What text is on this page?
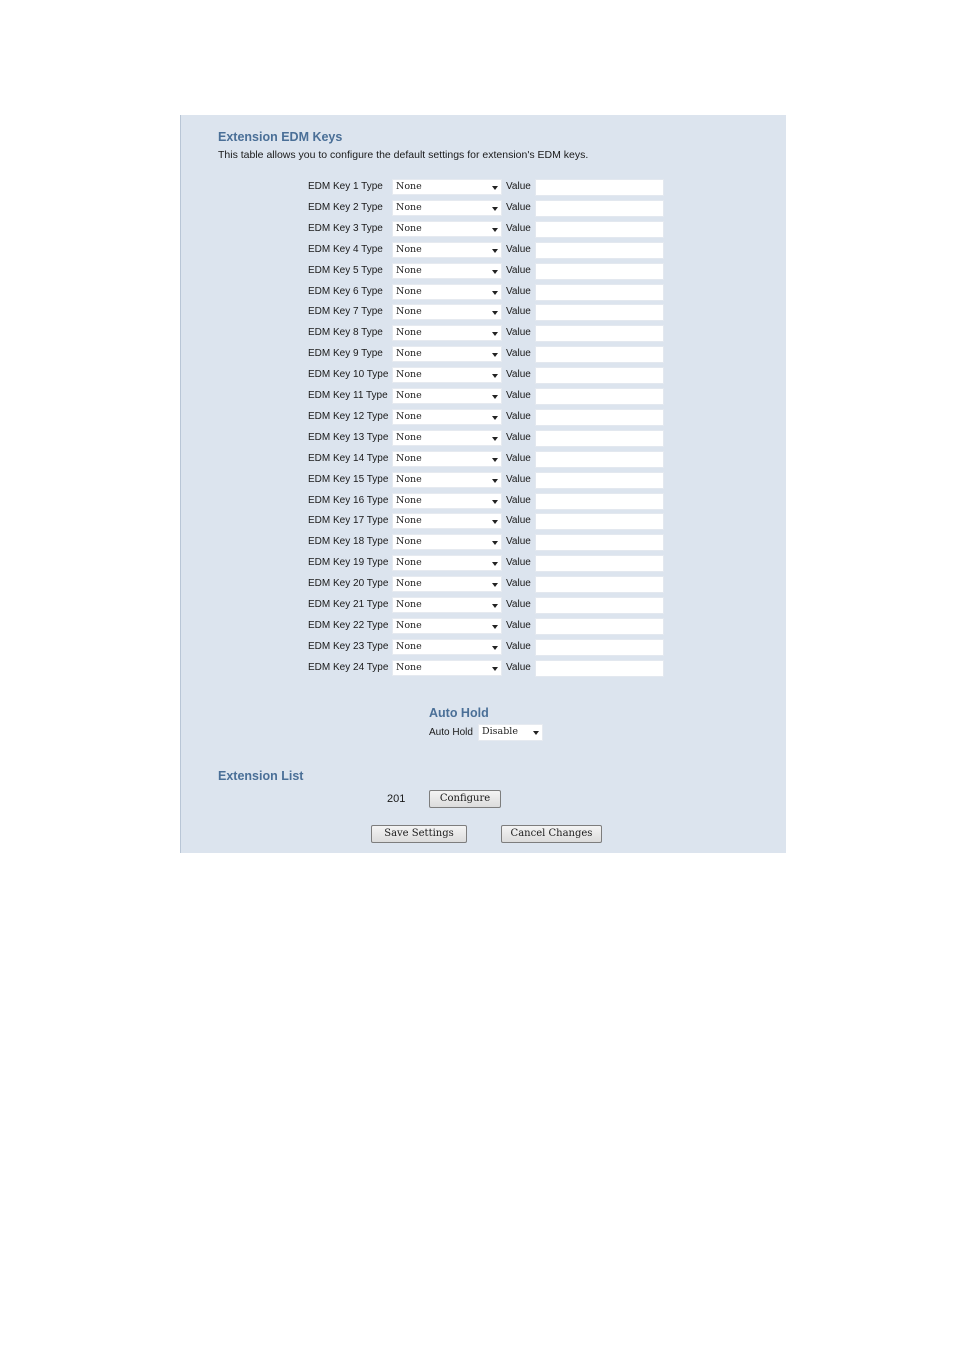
Extension EDM Keys
This table allows you to configure the default settings for extension's EDM keys.
EDM Key 1 Type None	Value
EDM Key 2 Type None	Value
EDM Key 3 Type None	Value
EDM Key 4 Type None	Value
EDM Key 5 Type None	Value
EDM Key 6 Type None	Value
EDM Key 7 Type None	Value
EDM Key 8 Type None	Value
EDM Key 9 Type None	Value
EDM Key 10 Type None	Value
EDM Key 11 Type None	Value
EDM Key 12 Type None	Value
EDM Key 13 Type None	Value
EDM Key 14 Type None	Value
EDM Key 15 Type None	Value
EDM Key 16 Type None	Value
EDM Key 17 Type None	Value
EDM Key 18 Type None	Value
EDM Key 19 Type None	Value
EDM Key 20 Type None	Value
EDM Key 21 Type None	Value
EDM Key 22 Type None	Value
EDM Key 23 Type None	Value
EDM Key 24 Type None	Value
Auto Hold
Auto Hold Disable
Extension List
201	Configure
Save Settings	Cancel Changes
